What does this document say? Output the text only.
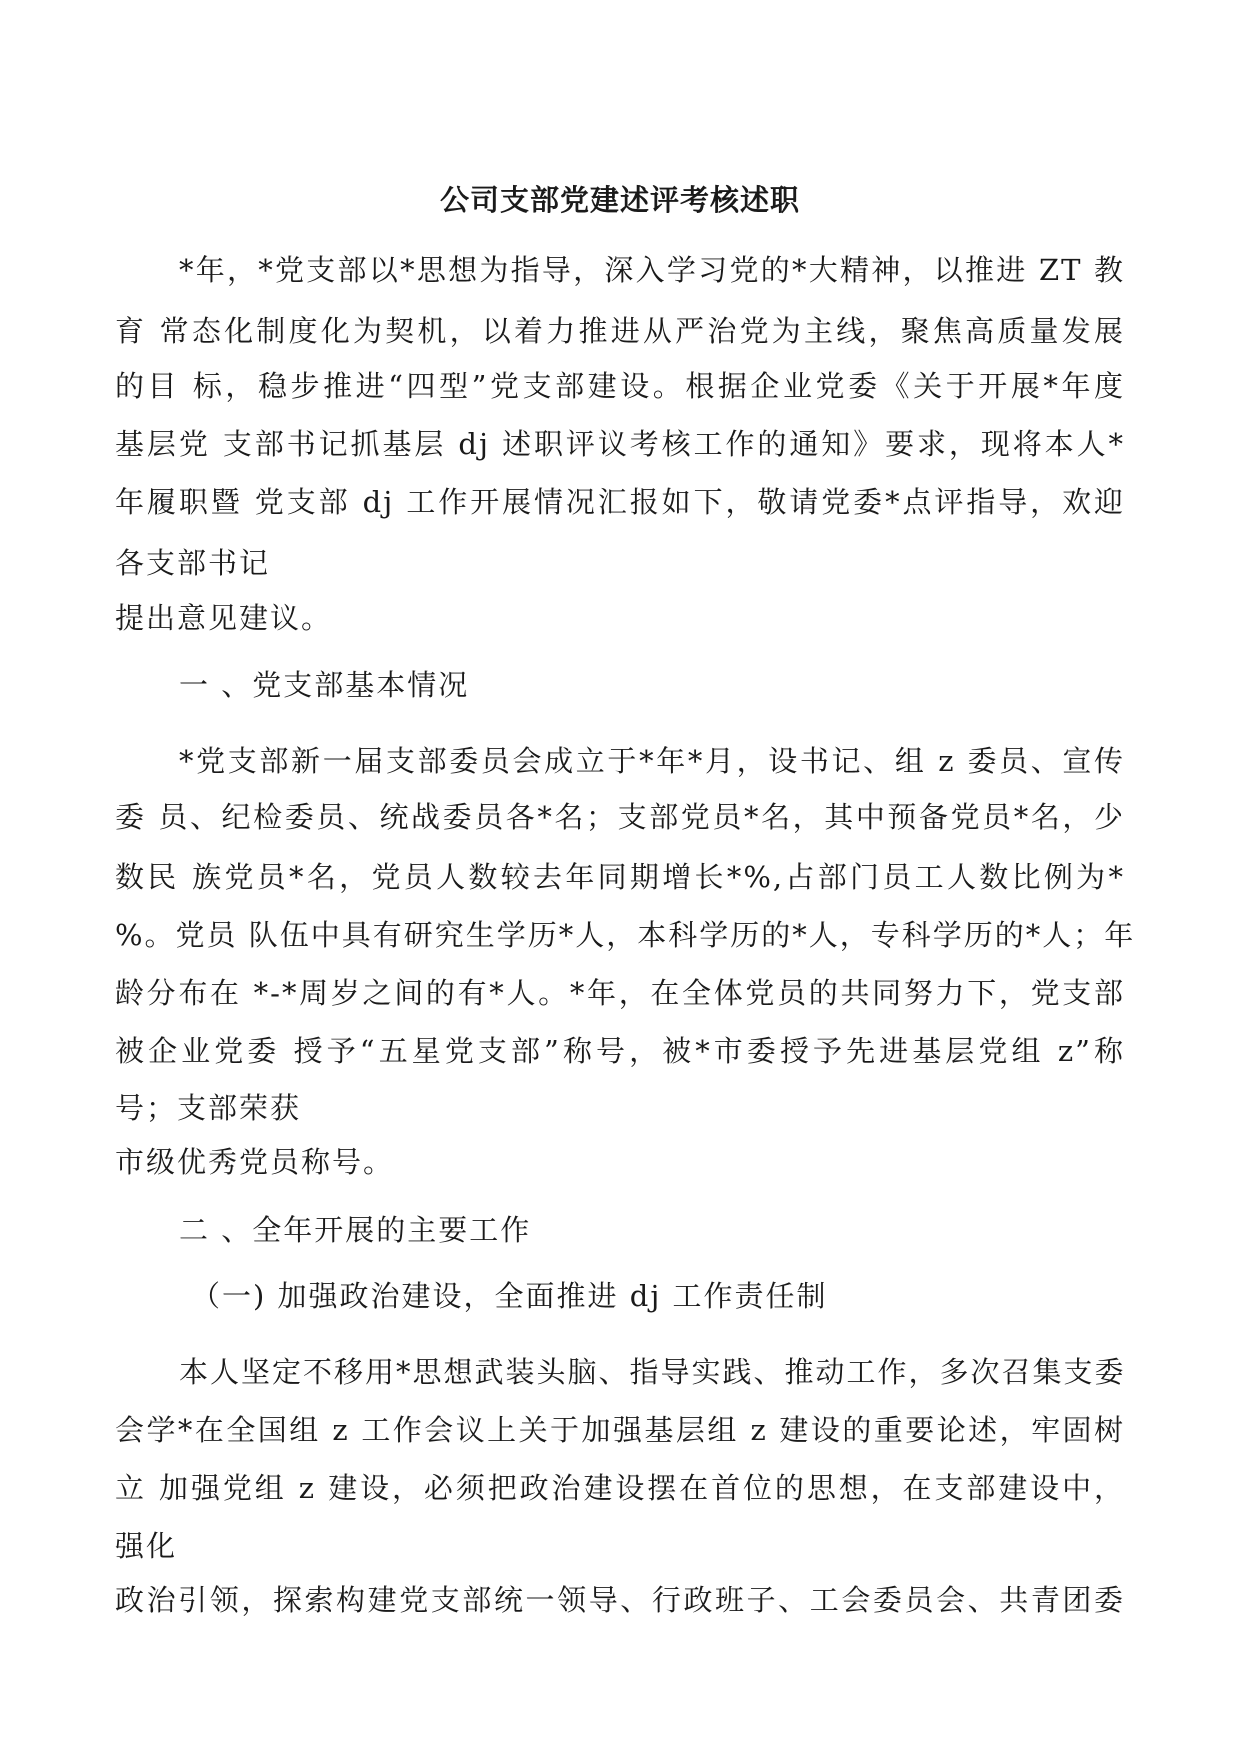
公司支部党建述评考核述职
*年，*党支部以*思想为指导，深入学习党的*大精神，以推进 ZT 教
育 常态化制度化为契机，以着力推进从严治党为主线，聚焦高质量发展
的目 标，稳步推进“四型”党支部建设。根据企业党委《关于开展*年度
基层党 支部书记抓基层 dj 述职评议考核工作的通知》要求，现将本人*
年履职暨 党支部 dj 工作开展情况汇报如下，敬请党委*点评指导，欢迎
各支部书记
提出意见建议。
一 、党支部基本情况
*党支部新一届支部委员会成立于*年*月，设书记、组 z 委员、宣传
委 员、纪检委员、统战委员各*名；支部党员*名，其中预备党员*名，少
数民 族党员*名，党员人数较去年同期增长*%,占部门员工人数比例为*
%。党员 队伍中具有研究生学历*人，本科学历的*人，专科学历的*人；年
龄分布在 *-*周岁之间的有*人。*年，在全体党员的共同努力下，党支部
被企业党委 授予“五星党支部”称号，被*市委授予先进基层党组 z”称
号；支部荣获
市级优秀党员称号。
二 、全年开展的主要工作
（一) 加强政治建设，全面推进 dj 工作责任制
本人坚定不移用*思想武装头脑、指导实践、推动工作，多次召集支委
会学*在全国组 z 工作会议上关于加强基层组 z 建设的重要论述，牢固树
立 加强党组 z 建设，必须把政治建设摆在首位的思想，在支部建设中，
强化
政治引领，探索构建党支部统一领导、行政班子、工会委员会、共青团委
